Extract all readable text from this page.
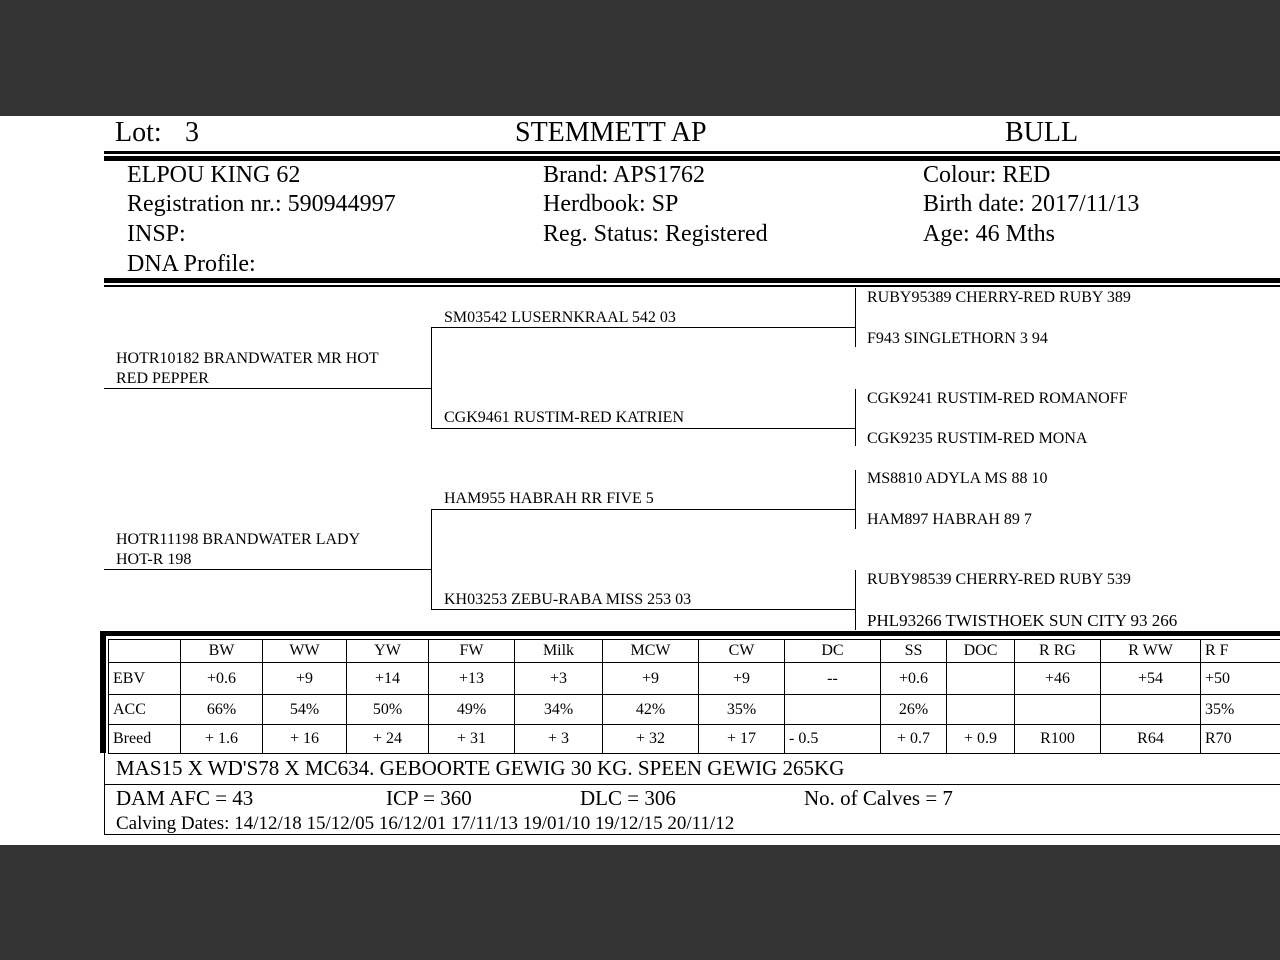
Lot: 3	STEMMETT AP	BULL
ELPOU KING 62
Registration nr.: 590944997
INSP:
DNA Profile:
Brand: APS1762
Herdbook: SP
Reg. Status: Registered
Colour: RED
Birth date: 2017/11/13
Age: 46 Mths
HOTR10182 BRANDWATER MR HOT
RED PEPPER
HOTR11198 BRANDWATER LADY
HOT-R 198
SM03542 LUSERNKRAAL 542 03
CGK9461 RUSTIM-RED KATRIEN
HAM955 HABRAH RR FIVE 5
KH03253 ZEBU-RABA MISS 253 03
RUBY95389 CHERRY-RED RUBY 389
F943 SINGLETHORN 3 94
CGK9241 RUSTIM-RED ROMANOFF
CGK9235 RUSTIM-RED MONA
MS8810 ADYLA MS 88 10
HAM897 HABRAH 89 7
RUBY98539 CHERRY-RED RUBY 539
PHL93266 TWISTHOEK SUN CITY 93 266
	BW	WW	YW	FW	Milk	MCW	CW	DC	SS	DOC	R RG	R WW	R F
EBV	+0.6	+9	+14	+13	+3	+9	+9	--	+0.6		+46	+54	+50
ACC	66%	54%	50%	49%	34%	42%	35%		26%				35%
Breed	+ 1.6	+ 16	+ 24	+ 31	+ 3	+ 32	+ 17	- 0.5	+ 0.7	+ 0.9	R100	R64	R70
MAS15 X WD'S78 X MC634. GEBOORTE GEWIG 30 KG. SPEEN GEWIG 265KG
DAM AFC = 43	ICP = 360	DLC = 306	No. of Calves = 7
Calving Dates: 14/12/18 15/12/05 16/12/01 17/11/13 19/01/10 19/12/15 20/11/12
